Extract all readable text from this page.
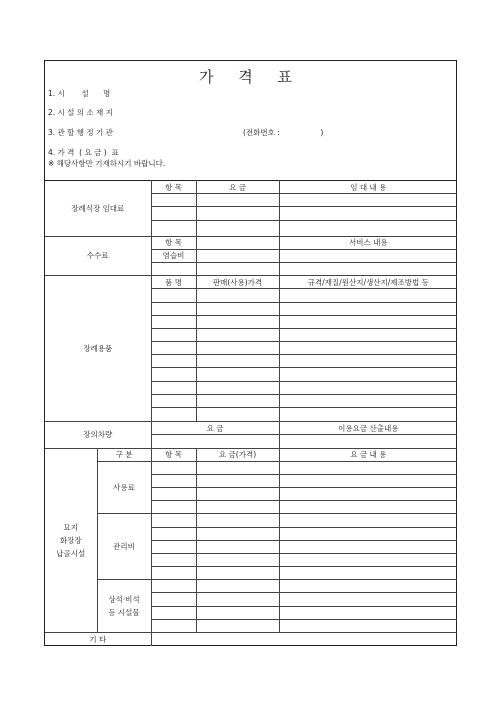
가 격 표
1. 시       설      명
2. 시 설 의 소 재 지
3. 관 할 행 정 기 관	(전화번호 :                 )
4. 가 격  ( 요 금 )  표
※ 해당사항만 기재하시기 바랍니다.
장례식장 임대료		항 목	요 금	임 대 내 용

수수료		항 목		서비스 내용
		염습비		

장례용품		품 명	판매(사용)가격	규격/재질/원산지/생산지/제조방법 등

장의차량		요 금		이용요금 산출내용

묘지
화장장
납골시설	구 분	항 목	요 금(가격)	요 금 내 용
	사용료			

	관리비			

	상석·비석
등 시설물			

기 타				
